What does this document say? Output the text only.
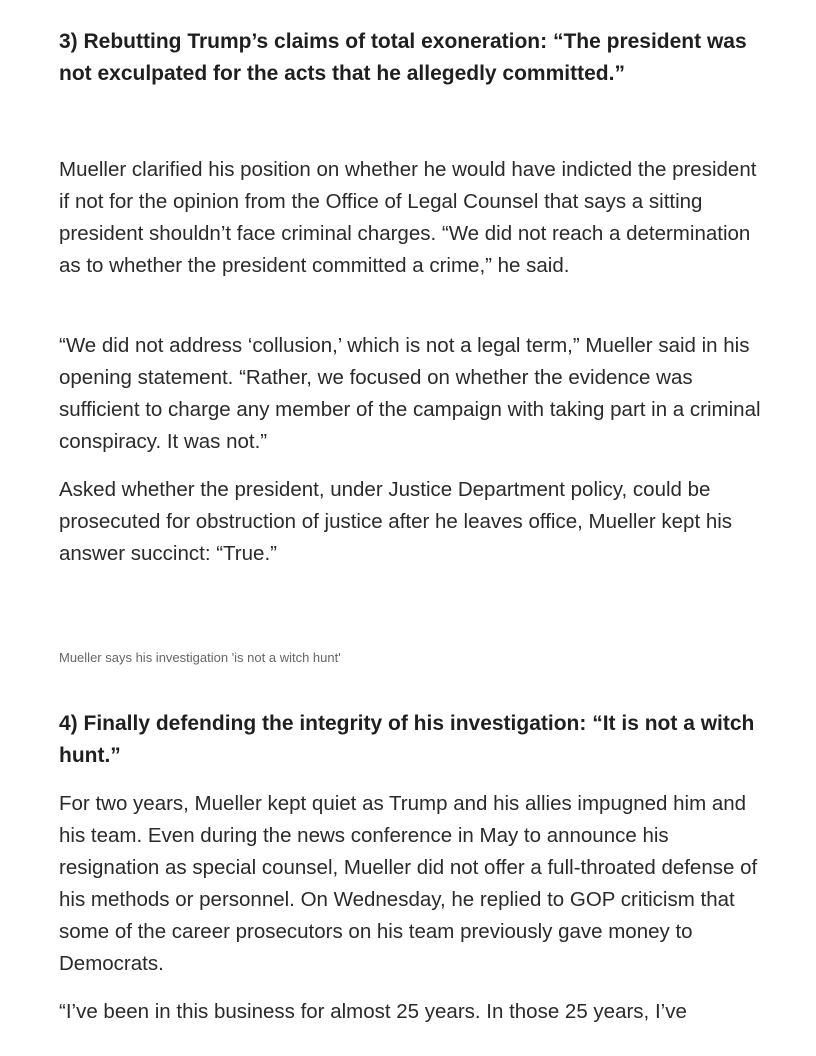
3) Rebutting Trump’s claims of total exoneration: “The president was not exculpated for the acts that he allegedly committed.”

Mueller clarified his position on whether he would have indicted the president if not for the opinion from the Office of Legal Counsel that says a sitting president shouldn’t face criminal charges. “We did not reach a determination as to whether the president committed a crime,” he said.

“We did not address ‘collusion,’ which is not a legal term,” Mueller said in his opening statement. “Rather, we focused on whether the evidence was sufficient to charge any member of the campaign with taking part in a criminal conspiracy. It was not.”

Asked whether the president, under Justice Department policy, could be prosecuted for obstruction of justice after he leaves office, Mueller kept his answer succinct: “True.”

Mueller says his investigation 'is not a witch hunt'

4) Finally defending the integrity of his investigation: “It is not a witch hunt.”

For two years, Mueller kept quiet as Trump and his allies impugned him and his team. Even during the news conference in May to announce his resignation as special counsel, Mueller did not offer a full-throated defense of his methods or personnel. On Wednesday, he replied to GOP criticism that some of the career prosecutors on his team previously gave money to Democrats.

“I’ve been in this business for almost 25 years. In those 25 years, I’ve
